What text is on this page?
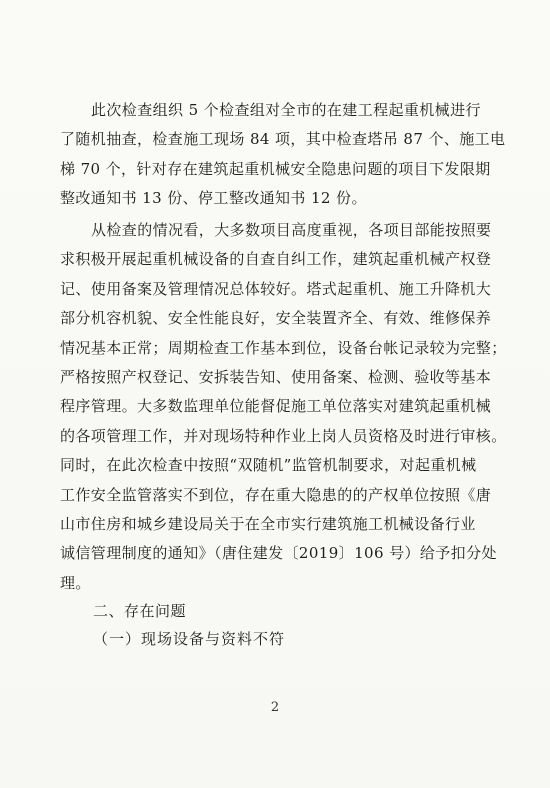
此次检查组织 5 个检查组对全市的在建工程起重机械进行
了随机抽查，检查施工现场 84 项，其中检查塔吊 87 个、施工电
梯 70 个，针对存在建筑起重机械安全隐患问题的项目下发限期
整改通知书 13 份、停工整改通知书 12 份。
从检查的情况看，大多数项目高度重视，各项目部能按照要
求积极开展起重机械设备的自查自纠工作，建筑起重机械产权登
记、使用备案及管理情况总体较好。塔式起重机、施工升降机大
部分机容机貌、安全性能良好，安全装置齐全、有效、维修保养
情况基本正常；周期检查工作基本到位，设备台帐记录较为完整；
严格按照产权登记、安拆装告知、使用备案、检测、验收等基本
程序管理。大多数监理单位能督促施工单位落实对建筑起重机械
的各项管理工作，并对现场特种作业上岗人员资格及时进行审核。
同时，在此次检查中按照“双随机”监管机制要求，对起重机械
工作安全监管落实不到位，存在重大隐患的的产权单位按照《唐
山市住房和城乡建设局关于在全市实行建筑施工机械设备行业
诚信管理制度的通知》（唐住建发〔2019〕106 号）给予扣分处
理。
二、存在问题
（一）现场设备与资料不符
2
